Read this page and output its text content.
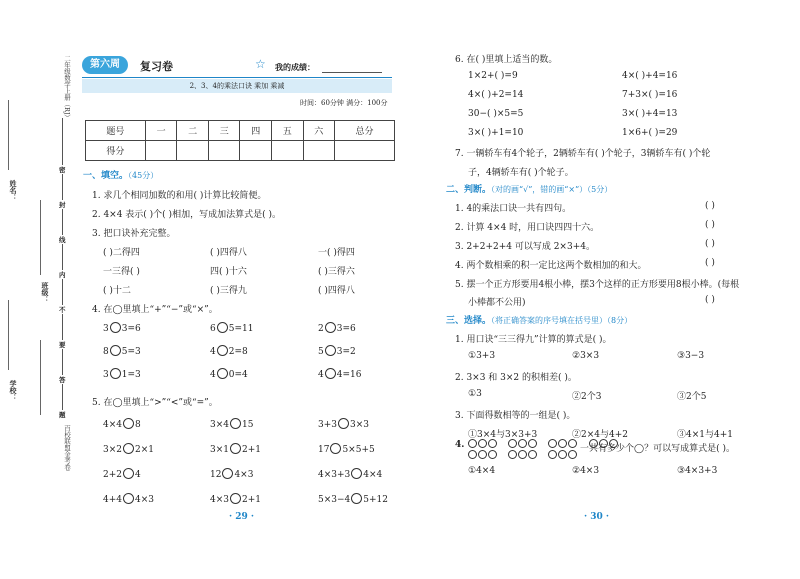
学校：
姓名：
班级：
二年级数学上册（RJ）
百校联盟金考卷
密
封
线
内
不
要
答
题
第六周	复习卷	☆ 我的成绩：
2、3、4的乘法口诀 乘加 乘减
时间：60分钟 满分：100分
题号	一	二	三	四	五	六	总分
得分							
一、填空。（45分）
1. 求几个相同加数的和用( )计算比较简便。
2. 4×4 表示( )个( )相加，写成加法算式是( )。
3. 把口诀补充完整。
( )二得四	( )四得八	一( )得四
一三得( )	四( )十六	( )三得六
( )十二	( )三得九	( )四得八
4. 在◯里填上“+”“−”或“×”。
3 3=6	6 5=11	2 3=6
8 5=3	4 2=8	5 3=2
3 1=3	4 0=4	4 4=16
5. 在◯里填上“>”“<”或“=”。
4×4 8	3×4 15	3+3 3×3
3×2 2×1	3×1 2+1	17 5×5+5
2+2 4	12 4×3	4×3+3 4×4
4+4 4×3	4×3 2+1	5×3−4 5+12
· 29 ·
6. 在( )里填上适当的数。
1×2+( )=9	4×( )+4=16
4×( )+2=14	7+3×( )=16
30−( )×5=5	3×( )+4=13
3×( )+1=10	1×6+( )=29
7. 一辆轿车有4个轮子，2辆轿车有( )个轮子，3辆轿车有( )个轮
子，4辆轿车有( )个轮子。
二、判断。（对的画“√”，错的画“×”）（5分）
1. 4的乘法口诀一共有四句。	( )
2. 计算 4×4 时，用口诀四四十六。	( )
3. 2+2+2+4 可以写成 2×3+4。	( )
4. 两个数相乘的积一定比这两个数相加的和大。	( )
5. 摆一个正方形要用4根小棒，摆3个这样的正方形要用8根小棒。(每根
小棒都不公用)	( )
三、选择。（将正确答案的序号填在括号里）（8分）
1. 用口诀“三三得九”计算的算式是( )。
①3+3	②3×3	③3−3
2. 3×3 和 3×2 的积相差( )。
①3	②2个3	③2个5
3. 下面得数相等的一组是( )。
①3×4与3×3+3	②2×4与4+2	③4×1与4+1
4.

	一共有多少个◯？可以写成算式是( )。
①4×4	②4×3	③4×3+3
· 30 ·
